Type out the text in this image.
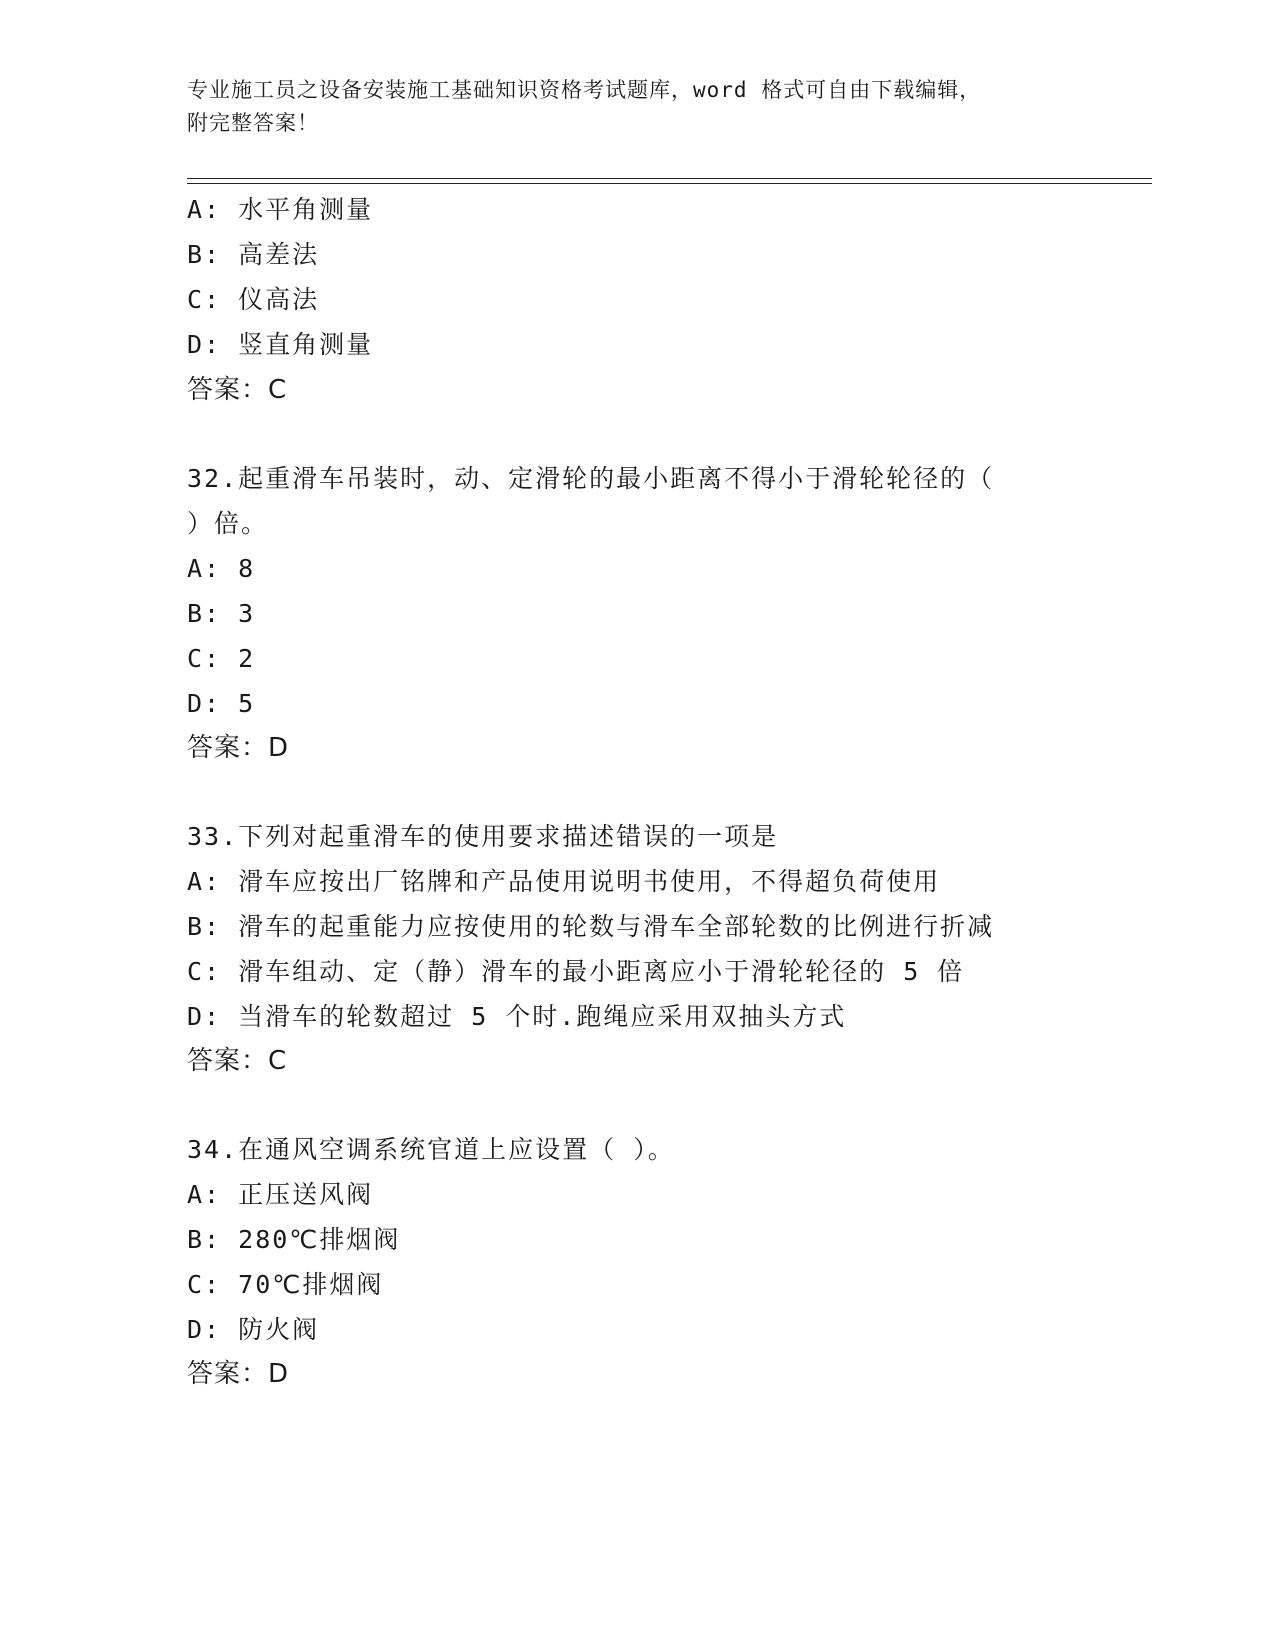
专业施工员之设备安装施工基础知识资格考试题库，word 格式可自由下载编辑，
附完整答案！
A: 水平角测量
B: 高差法
C: 仪高法
D: 竖直角测量
答案：C
32.起重滑车吊装时，动、定滑轮的最小距离不得小于滑轮轮径的（
）倍。
A: 8
B: 3
C: 2
D: 5
答案：D
33.下列对起重滑车的使用要求描述错误的一项是
A: 滑车应按出厂铭牌和产品使用说明书使用，不得超负荷使用
B: 滑车的起重能力应按使用的轮数与滑车全部轮数的比例进行折减
C: 滑车组动、定（静）滑车的最小距离应小于滑轮轮径的 5 倍
D: 当滑车的轮数超过 5 个时.跑绳应采用双抽头方式
答案：C
34.在通风空调系统官道上应设置（ ）。
A: 正压送风阀
B: 280℃排烟阀
C: 70℃排烟阀
D: 防火阀
答案：D
